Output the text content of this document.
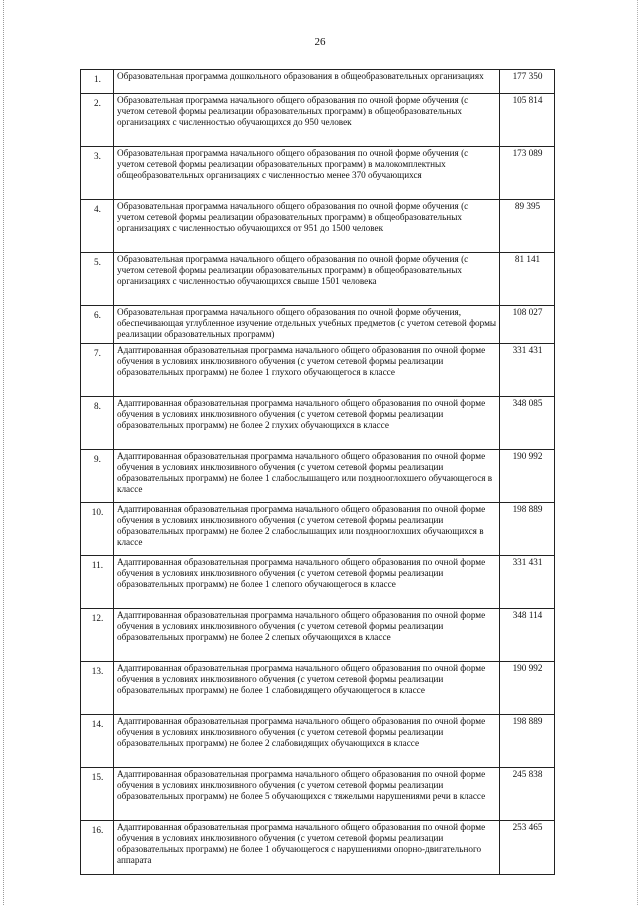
26
1.	Образовательная программа дошкольного образования в общеобразовательных организациях	177 350
2.	Образовательная программа начального общего образования по очной форме обучения (с учетом сетевой формы реализации образовательных программ) в общеобразовательных организациях с численностью обучающихся до 950 человек	105 814
3.	Образовательная программа начального общего образования по очной форме обучения (с учетом сетевой формы реализации образовательных программ) в малокомплектных общеобразовательных организациях с численностью менее 370 обучающихся	173 089
4.	Образовательная программа начального общего образования по очной форме обучения (с учетом сетевой формы реализации образовательных программ) в общеобразовательных организациях с численностью обучающихся от 951 до 1500 человек	89 395
5.	Образовательная программа начального общего образования по очной форме обучения (с учетом сетевой формы реализации образовательных программ) в общеобразовательных организациях с численностью обучающихся свыше 1501 человека	81 141
6.	Образовательная программа начального общего образования по очной форме обучения, обеспечивающая углубленное изучение отдельных учебных предметов (с учетом сетевой формы реализации образовательных программ)	108 027
7.	Адаптированная образовательная программа начального общего образования по очной форме обучения в условиях инклюзивного обучения (с учетом сетевой формы реализации образовательных программ) не более 1 глухого обучающегося в классе	331 431
8.	Адаптированная образовательная программа начального общего образования по очной форме обучения в условиях инклюзивного обучения (с учетом сетевой формы реализации образовательных программ) не более 2 глухих обучающихся в классе	348 085
9.	Адаптированная образовательная программа начального общего образования по очной форме обучения в условиях инклюзивного обучения (с учетом сетевой формы реализации образовательных программ) не более 1 слабослышащего или позднооглохшего обучающегося в классе	190 992
10.	Адаптированная образовательная программа начального общего образования по очной форме обучения в условиях инклюзивного обучения (с учетом сетевой формы реализации образовательных программ) не более 2 слабослышащих или позднооглохших обучающихся в классе	198 889
11.	Адаптированная образовательная программа начального общего образования по очной форме обучения в условиях инклюзивного обучения (с учетом сетевой формы реализации образовательных программ) не более 1 слепого обучающегося в классе	331 431
12.	Адаптированная образовательная программа начального общего образования по очной форме обучения в условиях инклюзивного обучения (с учетом сетевой формы реализации образовательных программ) не более 2 слепых обучающихся в классе	348 114
13.	Адаптированная образовательная программа начального общего образования по очной форме обучения в условиях инклюзивного обучения (с учетом сетевой формы реализации образовательных программ) не более 1 слабовидящего обучающегося в классе	190 992
14.	Адаптированная образовательная программа начального общего образования по очной форме обучения в условиях инклюзивного обучения (с учетом сетевой формы реализации образовательных программ) не более 2 слабовидящих обучающихся в классе	198 889
15.	Адаптированная образовательная программа начального общего образования по очной форме обучения в условиях инклюзивного обучения (с учетом сетевой формы реализации образовательных программ) не более 5 обучающихся с тяжелыми нарушениями речи в классе	245 838
16.	Адаптированная образовательная программа начального общего образования по очной форме обучения в условиях инклюзивного обучения (с учетом сетевой формы реализации образовательных программ) не более 1 обучающегося с нарушениями опорно-двигательного аппарата	253 465
